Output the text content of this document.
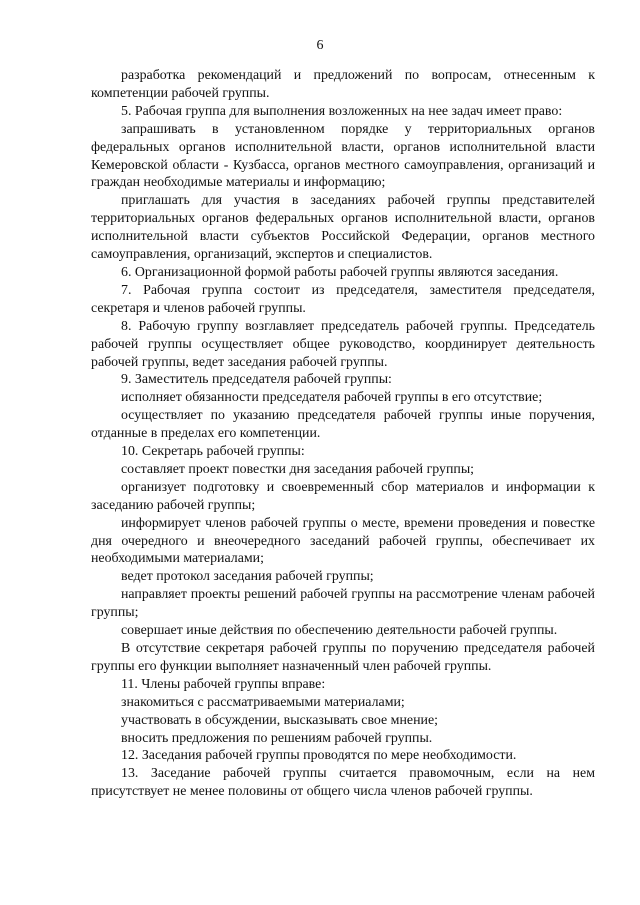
6

разработка рекомендаций и предложений по вопросам, отнесенным к компетенции рабочей группы.

5. Рабочая группа для выполнения возложенных на нее задач имеет право:

запрашивать в установленном порядке у территориальных органов федеральных органов исполнительной власти, органов исполнительной власти Кемеровской области - Кузбасса, органов местного самоуправления, организаций и граждан необходимые материалы и информацию;

приглашать для участия в заседаниях рабочей группы представителей территориальных органов федеральных органов исполнительной власти, органов исполнительной власти субъектов Российской Федерации, органов местного самоуправления, организаций, экспертов и специалистов.

6. Организационной формой работы рабочей группы являются заседания.

7. Рабочая группа состоит из председателя, заместителя председателя, секретаря и членов рабочей группы.

8. Рабочую группу возглавляет председатель рабочей группы. Председатель рабочей группы осуществляет общее руководство, координирует деятельность рабочей группы, ведет заседания рабочей группы.

9. Заместитель председателя рабочей группы:

исполняет обязанности председателя рабочей группы в его отсутствие;

осуществляет по указанию председателя рабочей группы иные поручения, отданные в пределах его компетенции.

10. Секретарь рабочей группы:

составляет проект повестки дня заседания рабочей группы;

организует подготовку и своевременный сбор материалов и информации к заседанию рабочей группы;

информирует членов рабочей группы о месте, времени проведения и повестке дня очередного и внеочередного заседаний рабочей группы, обеспечивает их необходимыми материалами;

ведет протокол заседания рабочей группы;

направляет проекты решений рабочей группы на рассмотрение членам рабочей группы;

совершает иные действия по обеспечению деятельности рабочей группы.

В отсутствие секретаря рабочей группы по поручению председателя рабочей группы его функции выполняет назначенный член рабочей группы.

11. Члены рабочей группы вправе:

знакомиться с рассматриваемыми материалами;

участвовать в обсуждении, высказывать свое мнение;

вносить предложения по решениям рабочей группы.

12. Заседания рабочей группы проводятся по мере необходимости.

13. Заседание рабочей группы считается правомочным, если на нем присутствует не менее половины от общего числа членов рабочей группы.
